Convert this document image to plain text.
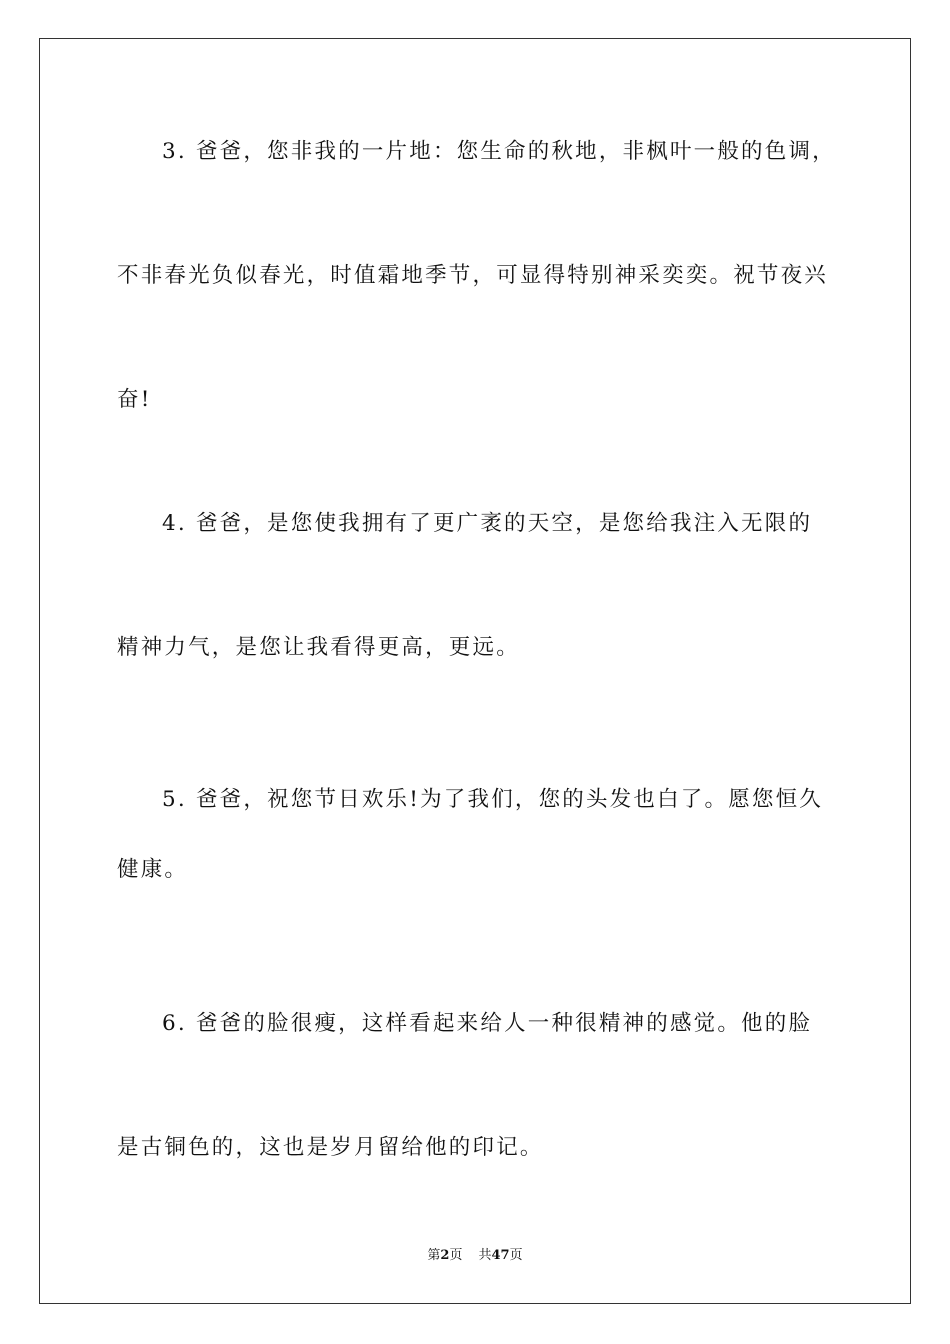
3. 爸爸，您非我的一片地：您生命的秋地，非枫叶一般的色调，
不非春光负似春光，时值霜地季节，可显得特别神采奕奕。祝节夜兴
奋!
4. 爸爸，是您使我拥有了更广袤的天空，是您给我注入无限的
精神力气，是您让我看得更高，更远。
5. 爸爸，祝您节日欢乐!为了我们，您的头发也白了。愿您恒久
健康。
6. 爸爸的脸很瘦，这样看起来给人一种很精神的感觉。他的脸
是古铜色的，这也是岁月留给他的印记。
第2页 共47页
